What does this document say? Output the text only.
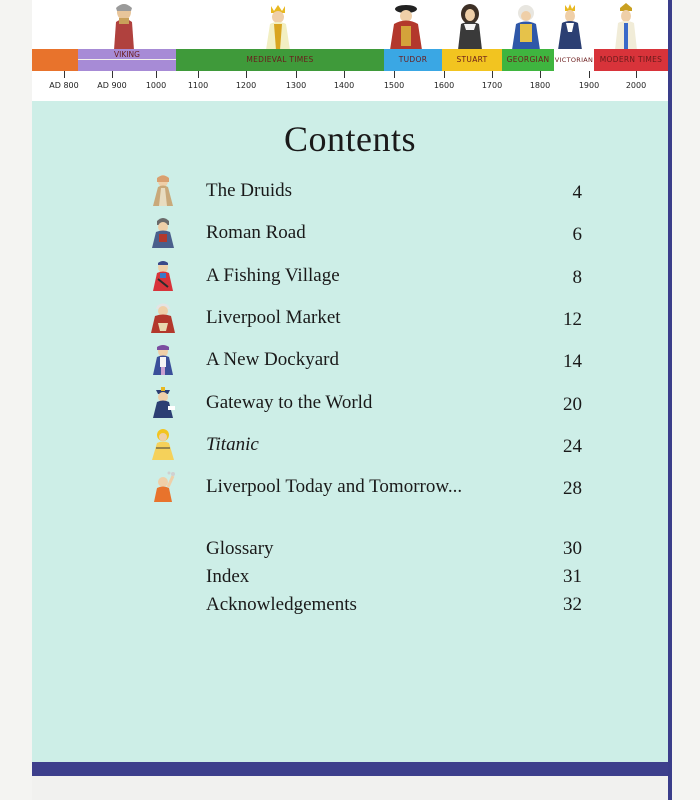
MEDIEVAL TIMES	TUDOR	STUART	GEORGIAN VICTORIAN MODERN TIMES
VIKING
AD 800 AD 900 1000	1100	1200	1300	1400	1500	1600	1700	1800	1900	2000
Contents
The Druids	4
Roman Road	6
A Fishing Village	8
Liverpool Market	12
A New Dockyard	14
Gateway to the World	20
Titanic	24
Liverpool Today and Tomorrow...	28
Glossary	30
Index	31
Acknowledgements	32
